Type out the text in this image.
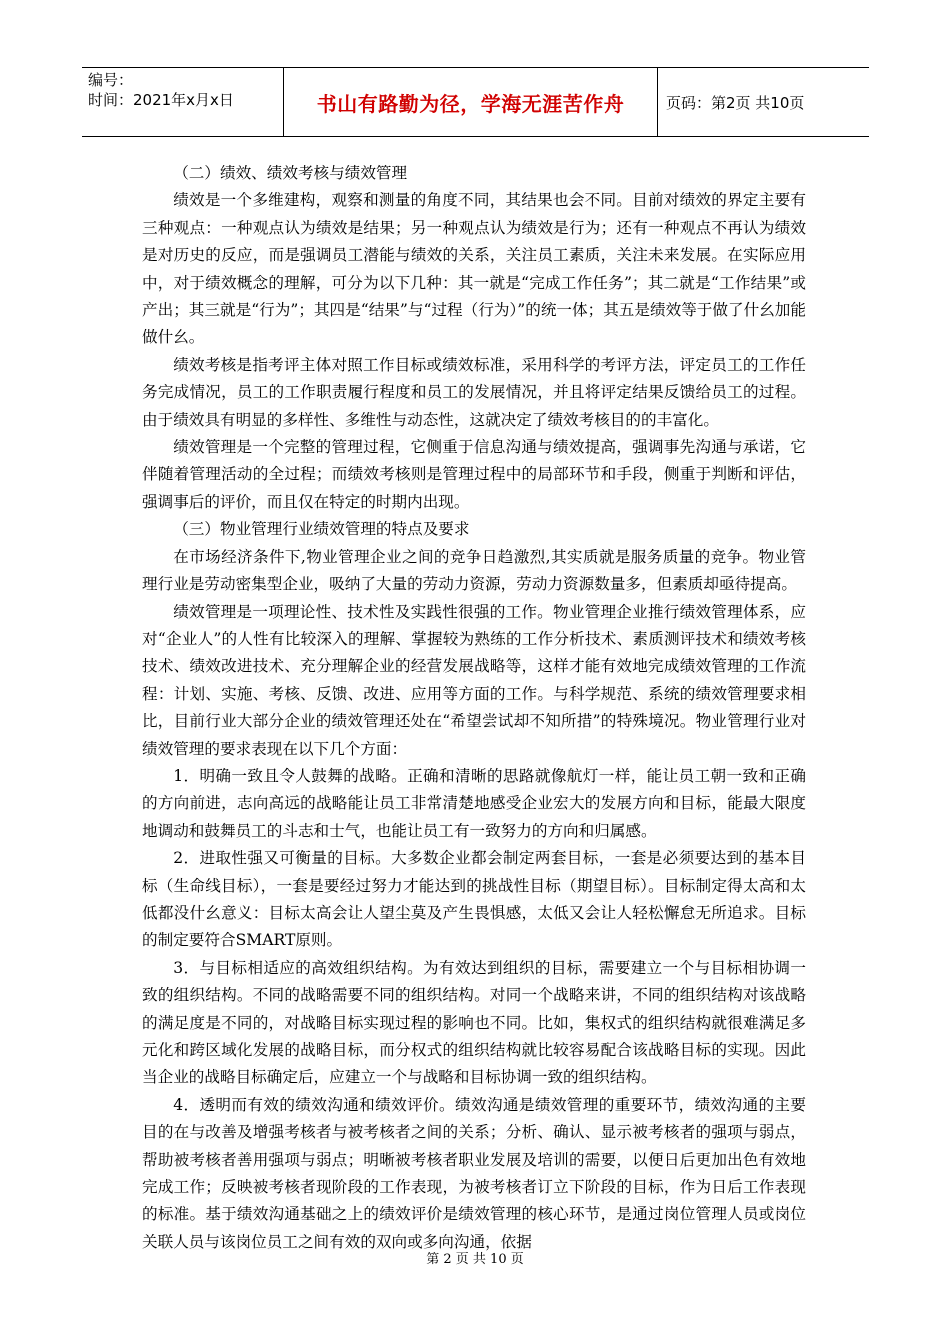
编号：
时间：2021年x月x日	书山有路勤为径，学海无涯苦作舟	页码：第2页 共10页

（二）绩效、绩效考核与绩效管理

绩效是一个多维建构，观察和测量的角度不同，其结果也会不同。目前对绩效的界定主要有三种观点：一种观点认为绩效是结果；另一种观点认为绩效是行为；还有一种观点不再认为绩效是对历史的反应，而是强调员工潜能与绩效的关系，关注员工素质，关注未来发展。在实际应用中，对于绩效概念的理解，可分为以下几种：其一就是“完成工作任务”；其二就是“工作结果”或产出；其三就是“行为”；其四是“结果”与“过程（行为）”的统一体；其五是绩效等于做了什幺加能做什幺。

绩效考核是指考评主体对照工作目标或绩效标准，采用科学的考评方法，评定员工的工作任务完成情况，员工的工作职责履行程度和员工的发展情况，并且将评定结果反馈给员工的过程。由于绩效具有明显的多样性、多维性与动态性，这就决定了绩效考核目的的丰富化。

绩效管理是一个完整的管理过程，它侧重于信息沟通与绩效提高，强调事先沟通与承诺，它伴随着管理活动的全过程；而绩效考核则是管理过程中的局部环节和手段，侧重于判断和评估，强调事后的评价，而且仅在特定的时期内出现。

（三）物业管理行业绩效管理的特点及要求

在市场经济条件下,物业管理企业之间的竞争日趋激烈,其实质就是服务质量的竞争。物业管理行业是劳动密集型企业，吸纳了大量的劳动力资源，劳动力资源数量多，但素质却亟待提高。

绩效管理是一项理论性、技术性及实践性很强的工作。物业管理企业推行绩效管理体系，应对“企业人”的人性有比较深入的理解、掌握较为熟练的工作分析技术、素质测评技术和绩效考核技术、绩效改进技术、充分理解企业的经营发展战略等，这样才能有效地完成绩效管理的工作流程：计划、实施、考核、反馈、改进、应用等方面的工作。与科学规范、系统的绩效管理要求相比，目前行业大部分企业的绩效管理还处在“希望尝试却不知所措”的特殊境况。物业管理行业对绩效管理的要求表现在以下几个方面：

1．明确一致且令人鼓舞的战略。正确和清晰的思路就像航灯一样，能让员工朝一致和正确的方向前进，志向高远的战略能让员工非常清楚地感受企业宏大的发展方向和目标，能最大限度地调动和鼓舞员工的斗志和士气，也能让员工有一致努力的方向和归属感。

2．进取性强又可衡量的目标。大多数企业都会制定两套目标，一套是必须要达到的基本目标（生命线目标），一套是要经过努力才能达到的挑战性目标（期望目标）。目标制定得太高和太低都没什幺意义：目标太高会让人望尘莫及产生畏惧感，太低又会让人轻松懈怠无所追求。目标的制定要符合SMART原则。

3．与目标相适应的高效组织结构。为有效达到组织的目标，需要建立一个与目标相协调一致的组织结构。不同的战略需要不同的组织结构。对同一个战略来讲，不同的组织结构对该战略的满足度是不同的，对战略目标实现过程的影响也不同。比如，集权式的组织结构就很难满足多元化和跨区域化发展的战略目标，而分权式的组织结构就比较容易配合该战略目标的实现。因此当企业的战略目标确定后，应建立一个与战略和目标协调一致的组织结构。

4．透明而有效的绩效沟通和绩效评价。绩效沟通是绩效管理的重要环节，绩效沟通的主要目的在与改善及增强考核者与被考核者之间的关系；分析、确认、显示被考核者的强项与弱点，帮助被考核者善用强项与弱点；明晰被考核者职业发展及培训的需要，以便日后更加出色有效地完成工作；反映被考核者现阶段的工作表现，为被考核者订立下阶段的目标，作为日后工作表现的标准。基于绩效沟通基础之上的绩效评价是绩效管理的核心环节，是通过岗位管理人员或岗位关联人员与该岗位员工之间有效的双向或多向沟通，依据

第 2 页 共 10 页
